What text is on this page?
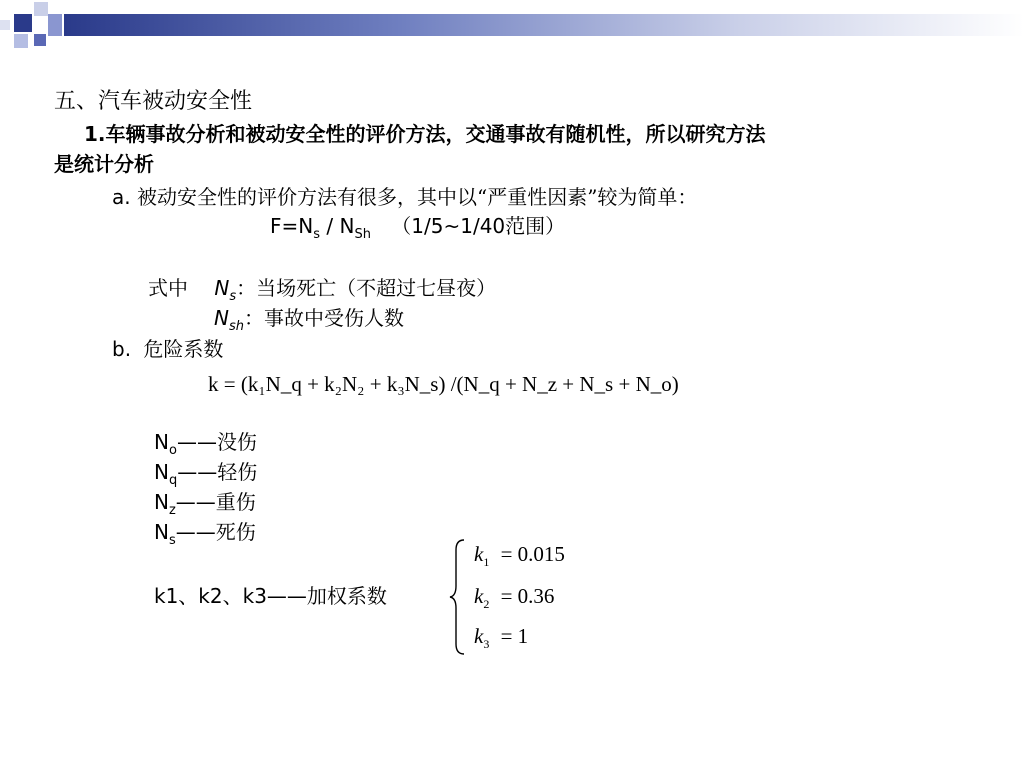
五、汽车被动安全性
1.车辆事故分析和被动安全性的评价方法，交通事故有随机性，所以研究方法
是统计分析
a. 被动安全性的评价方法有很多，其中以“严重性因素”较为简单：
$F=N_s / N_{Sh}$ （1/5~1/40范围）
式中 $N_s$：当场死亡（不超过七昼夜）
$N_{sh}$：事故中受伤人数
b. 危险系数
k = (k₁N_q + k₂N₂ + k₃N_s) /(N_q + N_z + N_s + N_o)
$N_o——$没伤
$N_q——$轻伤
$N_z——$重伤
$N_s——$死伤
k1、k2、k3——加权系数
$k_1 = 0.015$
$k_2 = 0.36$
$k_3 = 1$
